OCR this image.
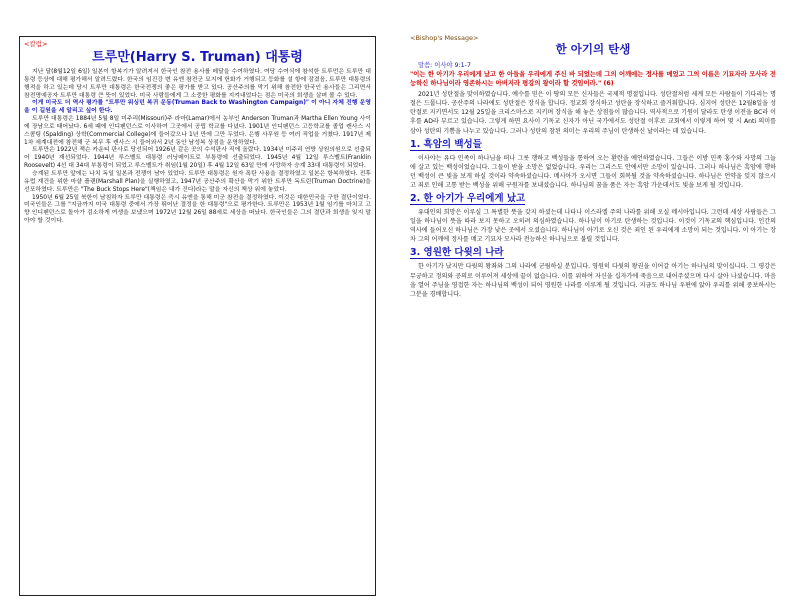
<칼럼>
트루만(Harry S. Truman) 대통령

지난 달(8월12일 6일) 일본이 항복기가 알려져서 한국인 참전 용사를 메달을 수여하였다. 여당 수여식에 참석한 트루먼은 트루만 대통령 등상에 대해 평가해서 알려드렸다. 한국의 임진강 변 유엔 참전군 묘지에 헌화가 거행되고 등화를 설 항에 잠겼음, 트루만 대통령의 행적을 하고 있는데 당시 트루만 대통령은 한국전쟁의 좋은 평가를 받고 있다. 공산주의를 막기 위해 참전한 한국인 용사들은 그리면서 참전명예공자 트루만 대통령 큰 뜻이 있었다. 미국 사람들에게 그 소중한 평화를 지켜내었다는 점은 미국의 희생을 살펴 볼 수 있다.

이게 미국도 더 역사 평가를 "트루만 워싱턴 복귀 운동(Truman Back to Washington Campaign)" 이 아니 자체 진행 운영을 이 길원을 세 알리고 싶어 한다.

트루만 대통령은 1884년 5월 8일 미주리(Missouri)주 라마(Lamar)에서 농부인 Anderson Truman과 Martha Ellen Young 사이에 장남으로 태어났다. 6세 때에 인디펜던스로 이사하여 그곳에서 공립 학교를 다녔다. 1901년 인디펜던스 고등학교를 졸업 캔사스 시 스콤팅 (Spalding) 상학(Commercial College)에 들어갔으나 1년 만에 그만 두었다. 은행 사무원 등 여러 직업을 거쳤다. 1917년 제 1차 세계대전에 참전해 군 복무 후 캔사스 시 들어와서 2년 동안 남성복 상점을 운영하였다.

트루만은 1922년 잭슨 카운티 판사로 당선되어 1926년 같은 곳의 수석판사 직에 올랐다. 1934년 미주리 연방 상원의원으로 선출되어 1940년 재선되었다. 1944년 루스벨트 대통령 러닝메이트로 부통령에 선출되었다. 1945년 4월 12일 루스벨트(Franklin Roosevelt) 4선 대 34대 부통령이 되었고 루스벨트가 취임(1월 20일) 후 4월 12일 63일 만에 사망하자 승계 33대 대통령이 되었다.

승계된 트루만 앞에는 나치 독일 일본과 전쟁이 남아 있었다. 트루만 대통령은 원자 폭탄 사용을 결정하였고 일본은 항복하였다. 전후 유럽 재건을 위한 마샬 플랜(Marshall Plan)을 실행하였고, 1947년 공산주의 확산을 막기 위한 트루만 독트린(Truman Doctrine)을 선포하였다. 트루만은 "The Buck Stops Here"(책임은 내가 진다)라는 말을 자신의 책상 위에 놓았다.

1950년 6월 25일 북한이 남침하자 트루만 대통령은 즉시 유엔을 통해 미군 참전을 결정하였다. 이것은 대한민국을 구한 결단이었다. 미국인들은 그를 "지금까지 미국 대통령 중에서 가장 뛰어난 결정을 한 대통령"으로 평가한다. 트루만은 1953년 1월 임기를 마치고 고향 인디펜던스로 돌아가 검소하게 여생을 보냈으며 1972년 12월 26일 88세로 세상을 떠났다. 한국인들은 그의 결단과 희생을 잊지 말아야 할 것이다.

<Bishop's Message>
한 아기의 탄생
말씀: 이사야 9:1-7
"이는 한 아기가 우리에게 났고 한 아들을 우리에게 주신 바 되었는데 그의 어깨에는 정사를 메었고 그의 이름은 기묘자라 모사라 전능하신 하나님이라 영존하시는 아버지라 평강의 왕이라 할 것임이라." (6)

2021년 성탄절을 맞이하였습니다. 예수를 믿은 이 땅의 모든 신자들은 국제적 명절입니다. 성탄절처럼 세계 모든 사람들이 기다리는 명절은 드뭅니다. 공산주의 나라에도 성탄절은 장식을 합니다. 정교회 장식하고 성탄을 장식하고 즐거워합니다. 심지어 성탄은 12월8일을 성탄절로 지키면서도 12월 25일을 크리스마스로 지키며 장식을 해 놓은 상점들이 많습니다. 역사적으로 기원이 달라도 탄생 이전을 BC라 이후를 AD라 부르고 있습니다. 그렇게 하면 요사이 기독교 신자가 아닌 국가에서도 성탄절 이후로 교회에서 이렇게 하여 몇 시 Anti 의미를 삼아 성탄의 기쁨을 나누고 있습니다. 그러나 성탄의 참된 의미는 우리의 주님이 탄생하신 날이라는 데 있습니다.

1. 흑암의 백성들

이사야는 유다 민족이 하나님을 떠나 그릇 행하고 백성들을 통하여 오는 환란을 예언하였습니다. 그들은 이방 민족 홍수와 사망의 그늘에 살고 있는 백성이었습니다. 그들이 받을 소망은 없었습니다. 우리는 그리스도 안에서만 소망이 있습니다. 그러나 하나님은 흑암에 행하던 백성이 큰 빛을 보게 하실 것이라 약속하셨습니다. 메시아가 오시면 그들이 회복될 것을 약속하셨습니다. 하나님은 언약을 잊지 않으시고 죄로 인해 고통 받는 백성을 위해 구원자를 보내셨습니다. 하나님의 꿈을 품은 자는 흑암 가운데서도 빛을 보게 될 것입니다.

2. 한 아기가 우리에게 났고

유대인의 희망은 이루실 그 특별한 뜻을 갖지 하셨는데 나타나 이스라엘 주의 나라를 위해 오실 메시아입니다. 그런데 세상 사람들은 그 일을 하나님이 뜻을 따라 보지 못하고 오히려 의심하였습니다. 하나님이 아기로 탄생하는 것입니다. 이것이 기독교의 핵심입니다. 인간의 역사에 들어오신 하나님은 가장 낮은 곳에서 오셨습니다. 하나님이 아기로 오신 것은 죄인 된 우리에게 소망이 되는 것입니다. 이 아기는 장차 그의 어깨에 정사를 메고 기묘자 모사라 전능하신 하나님으로 불릴 것입니다.

3. 영원한 다윗의 나라

한 아기가 났지만 다윗의 왕좌와 그의 나라에 군림하실 분입니다. 영원히 다윗의 왕권을 이어갈 아기는 하나님의 맞이십니다. 그 평강은 무궁하고 정의와 공의로 이루어져 세상에 끝이 없습니다. 이를 위하여 자신을 십자가에 죽음으로 내어주셨으며 다시 살아 나셨습니다. 마음을 열어 주님을 영접한 자는 하나님의 백성이 되어 영원한 나라를 이루게 될 것입니다. 지금도 하나님 우편에 앉아 우리를 위해 중보하시는 그분을 경배합니다.
